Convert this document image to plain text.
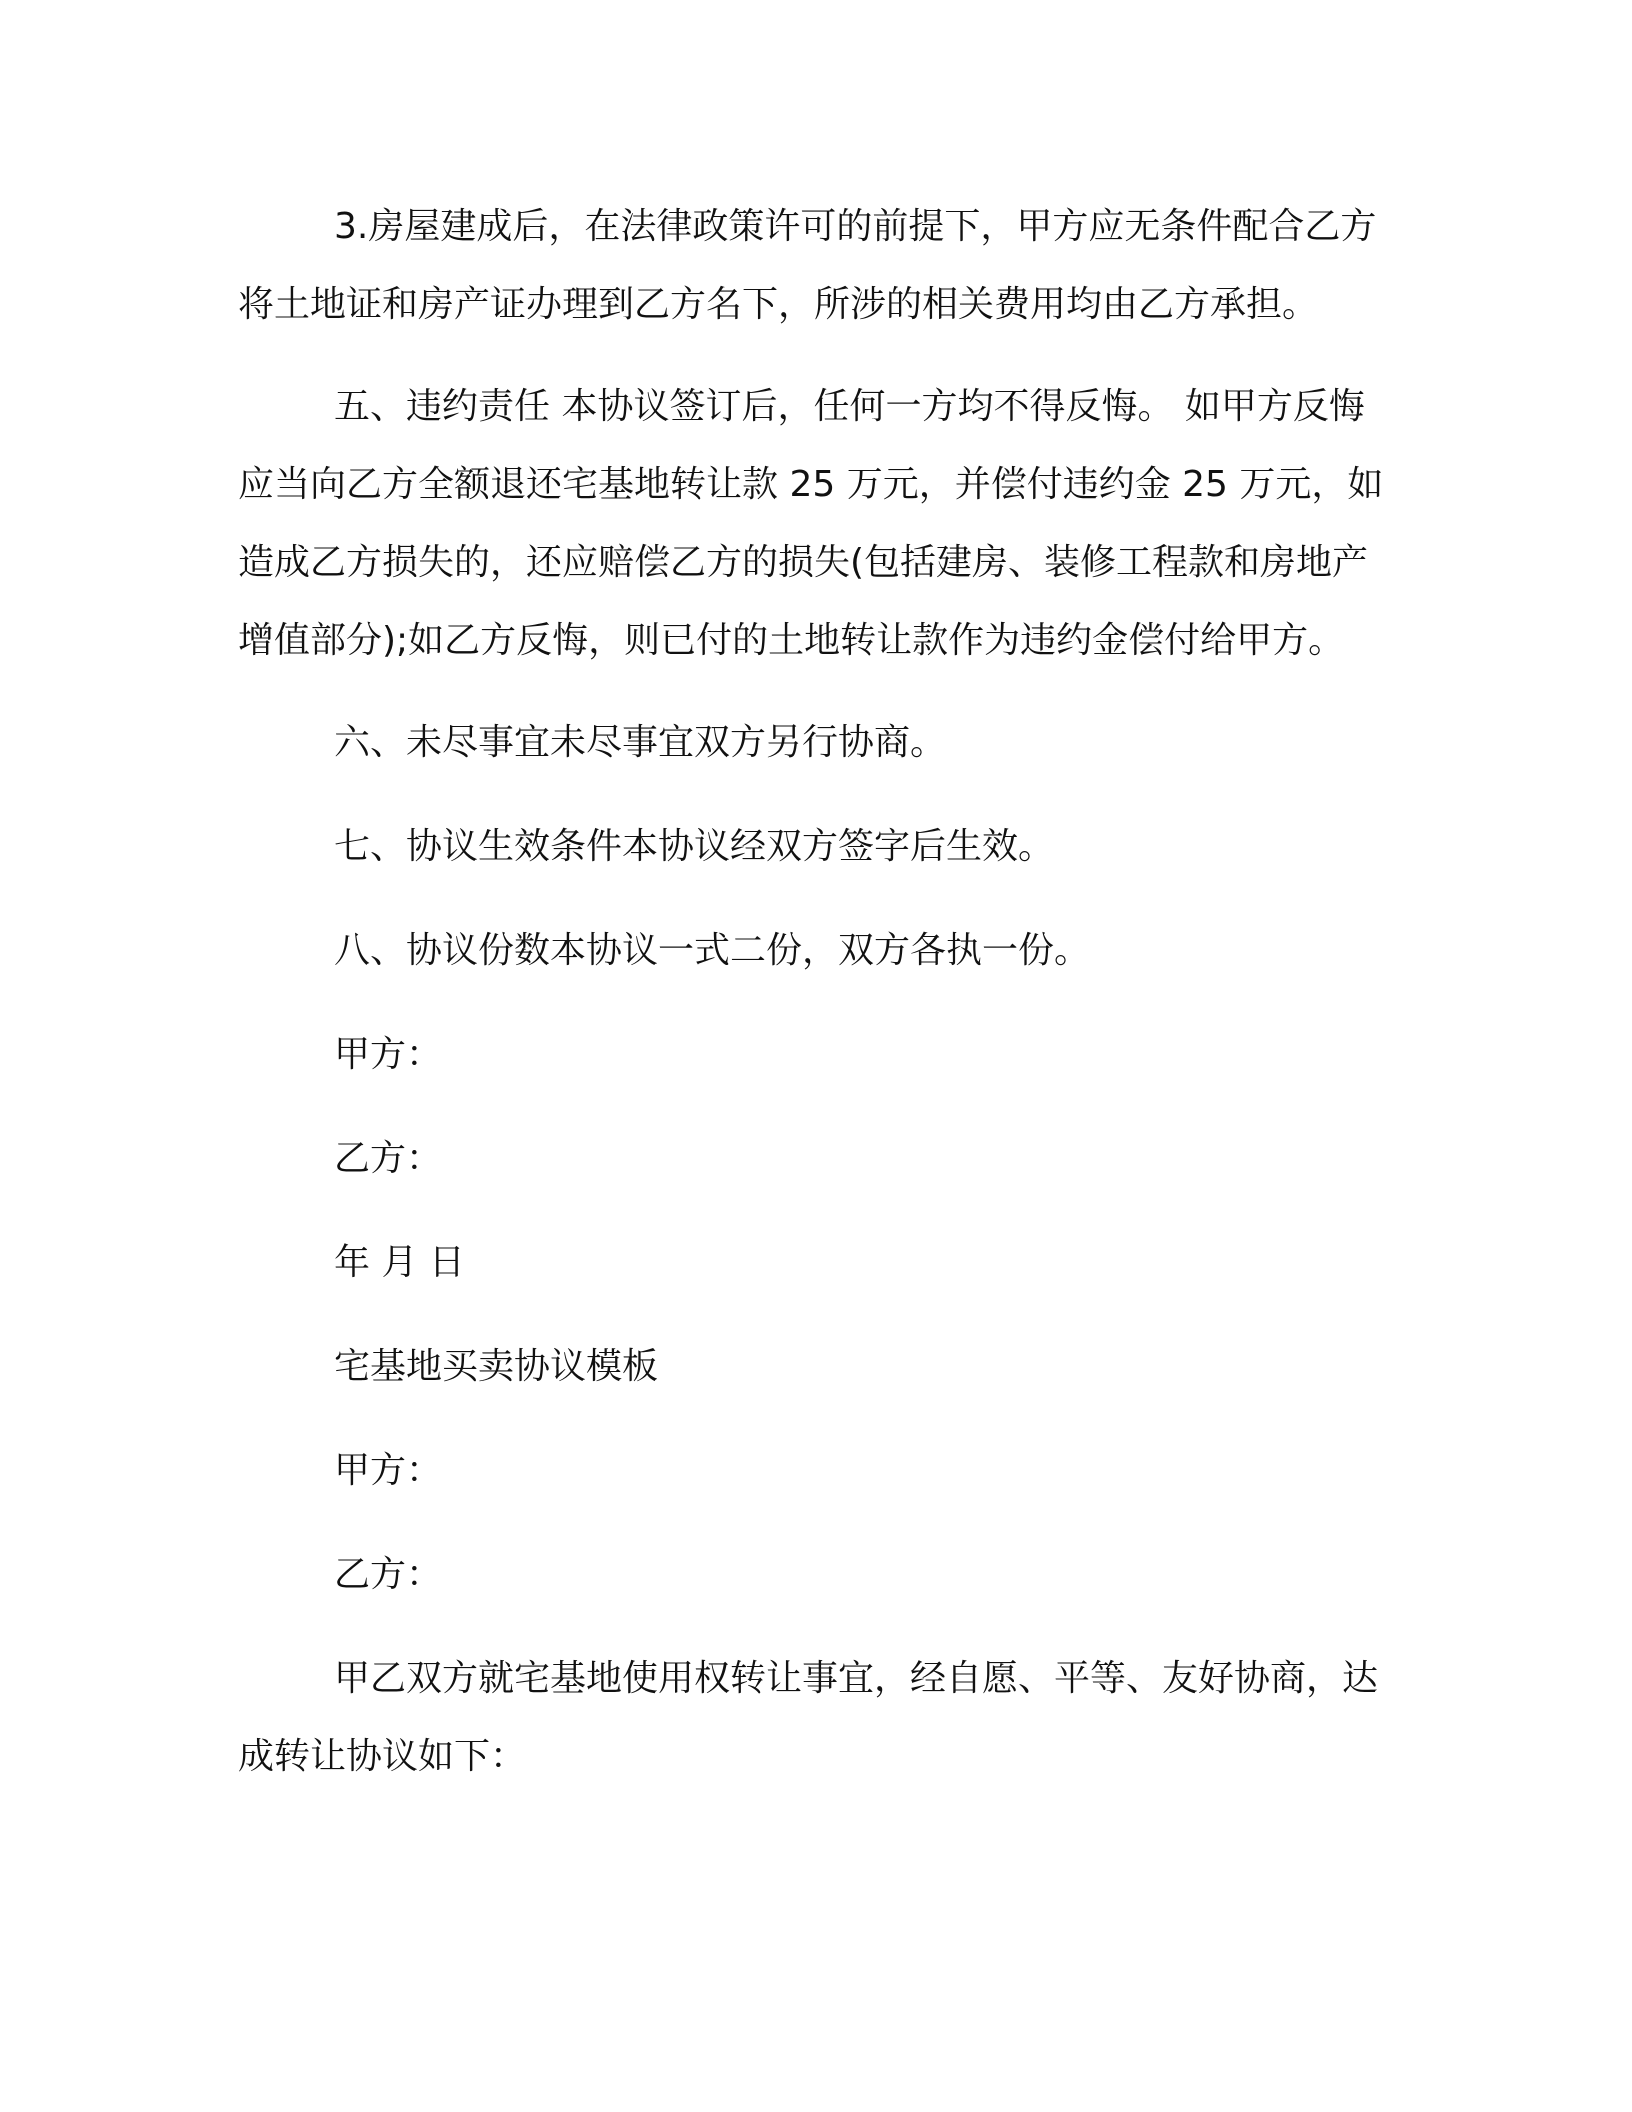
3.房屋建成后，在法律政策许可的前提下，甲方应无条件配合乙方将土地证和房产证办理到乙方名下，所涉的相关费用均由乙方承担。

五、违约责任 本协议签订后，任何一方均不得反悔。 如甲方反悔应当向乙方全额退还宅基地转让款 25 万元，并偿付违约金 25 万元，如造成乙方损失的，还应赔偿乙方的损失(包括建房、装修工程款和房地产增值部分);如乙方反悔，则已付的土地转让款作为违约金偿付给甲方。

六、未尽事宜未尽事宜双方另行协商。

七、协议生效条件本协议经双方签字后生效。

八、协议份数本协议一式二份，双方各执一份。

甲方：

乙方：

年 月 日

宅基地买卖协议模板

甲方：

乙方：

甲乙双方就宅基地使用权转让事宜，经自愿、平等、友好协商，达成转让协议如下：
